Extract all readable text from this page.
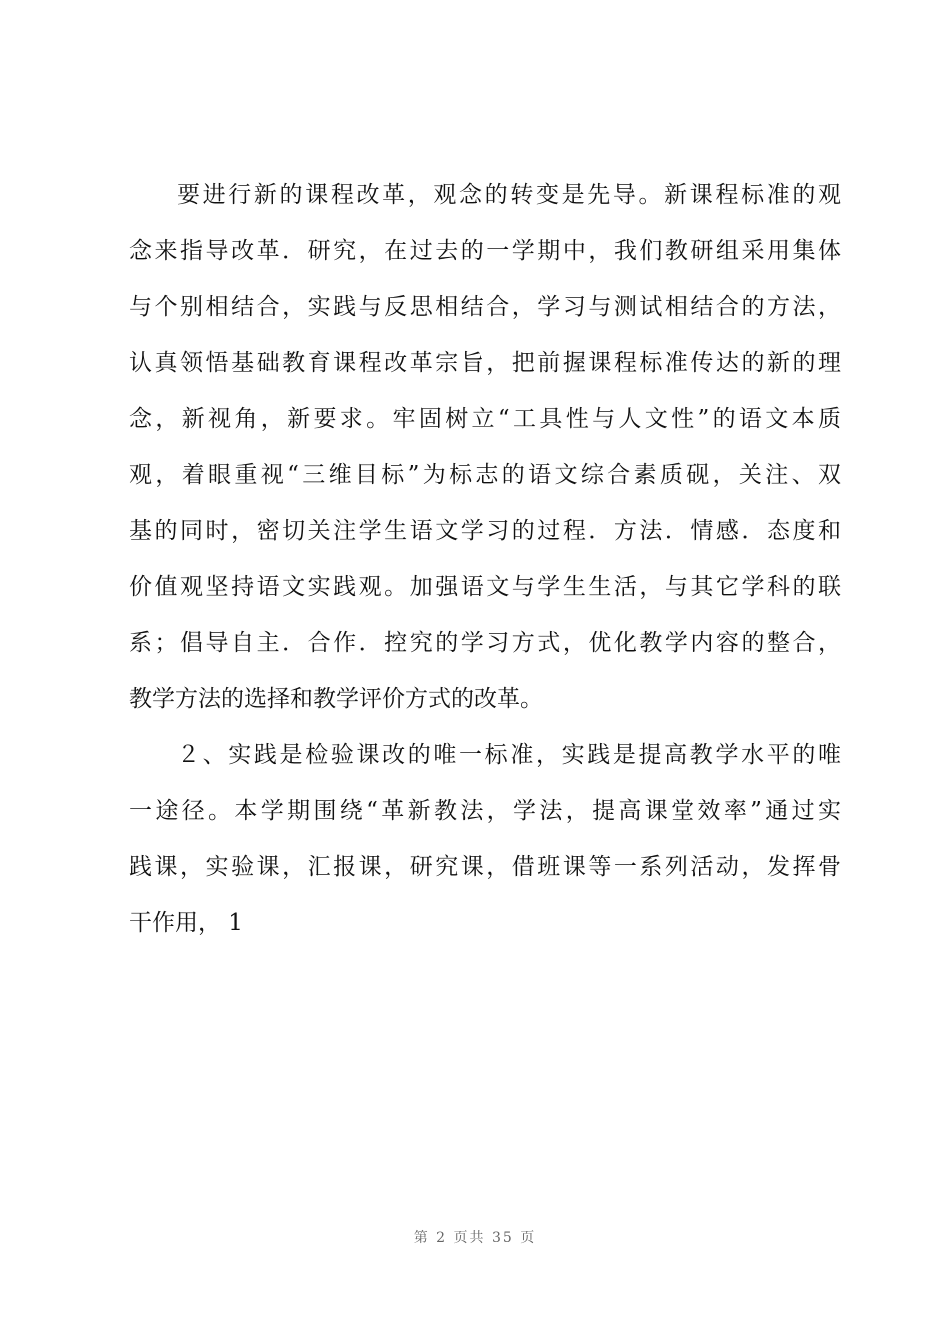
要进行新的课程改革，观念的转变是先导。新课程标准的观
念来指导改革．研究，在过去的一学期中，我们教研组采用集体
与个别相结合，实践与反思相结合，学习与测试相结合的方法，
认真领悟基础教育课程改革宗旨，把前握课程标准传达的新的理
念，新视角，新要求。牢固树立“工具性与人文性”的语文本质
观，着眼重视“三维目标”为标志的语文综合素质砚，关注、双
基的同时，密切关注学生语文学习的过程．方法．情感．态度和
价值观坚持语文实践观。加强语文与学生生活，与其它学科的联
系；倡导自主．合作．控究的学习方式，优化教学内容的整合，
教学方法的选择和教学评价方式的改革。
２、实践是检验课改的唯一标准，实践是提高教学水平的唯
一途径。本学期围绕“革新教法，学法，提高课堂效率”通过实
践课，实验课，汇报课，研究课，借班课等一系列活动，发挥骨
干作用， 1
第 2 页共 35 页
